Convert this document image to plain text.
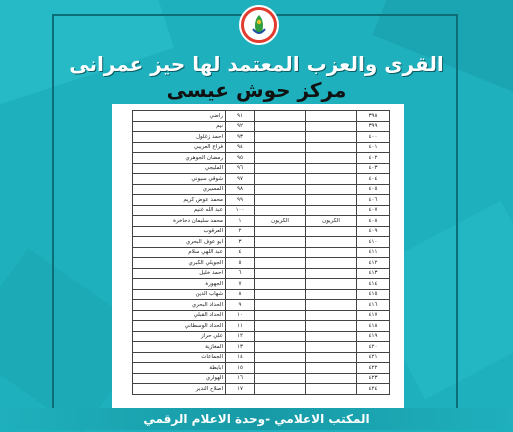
القرى والعزب المعتمد لها حيز عمرانى
مركز حوش عيسى
٣٩٨			٩١	راضي
٣٩٩			٩٢	نيم
٤٠٠			٩٣	احمد زغلول
٤٠١			٩٤	فراج العريبي
٤٠٢			٩٥	رمضان الجوهري
٤٠٣			٩٦	المليجي
٤٠٤			٩٧	شوقي سيوني
٤٠٥			٩٨	المسيري
٤٠٦			٩٩	محمد عوض كريم
٤٠٧			١٠٠	عبد الله غنيم
٤٠٨	الكريون	الكريون	١	محمد سليمان دحاخرة
٤٠٩			٢	العرقوب
٤١٠			٣	ابو عوف البحري
٤١١			٤	عبد اللهي سلام
٤١٢			٥	الجويلي الكبري
٤١٣			٦	احمد خليل
٤١٤			٧	الجهورة
٤١٥			٨	شهاب الدين
٤١٦			٩	الحداد البحري
٤١٧			١٠	الحداد القبلي
٤١٨			١١	الحداد الوسطاني
٤١٩			١٢	علي حراز
٤٢٠			١٣	المغازية
٤٢١			١٤	الجماعات
٤٢٢			١٥	ابايطة
٤٢٣			١٦	الهواري
٤٢٤			١٧	اصلاح الندير
المكتب الاعلامي -وحدة الاعلام الرقمي
